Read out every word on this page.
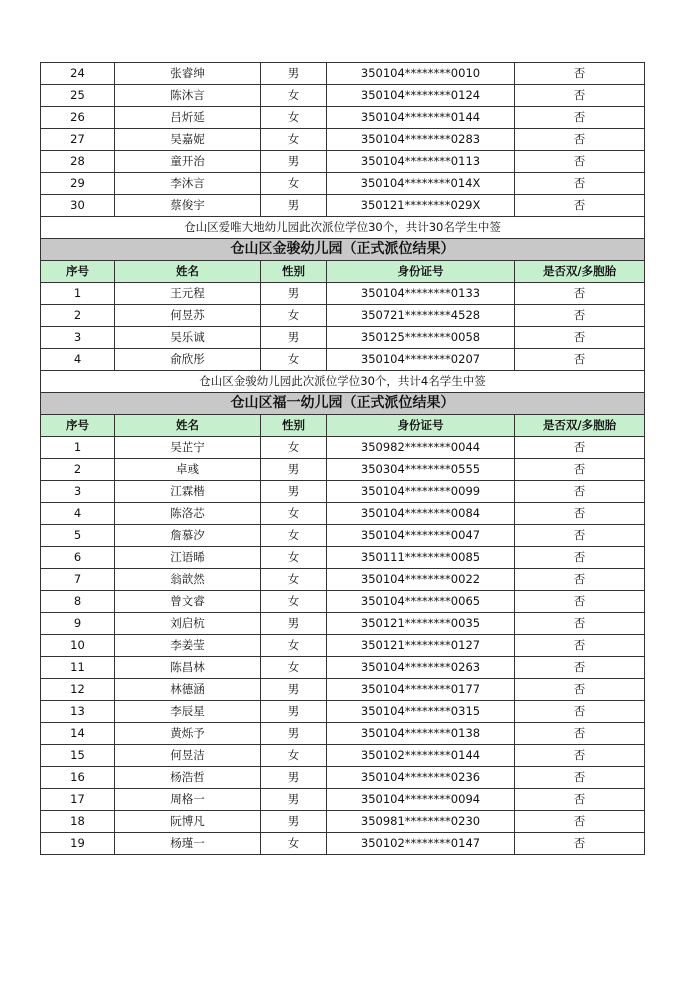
24	张睿绅	男	350104********0010	否
25	陈沐言	女	350104********0124	否
26	吕炘延	女	350104********0144	否
27	吴嘉妮	女	350104********0283	否
28	童开治	男	350104********0113	否
29	李沐言	女	350104********014X	否
30	蔡俊宇	男	350121********029X	否
仓山区爱唯大地幼儿园此次派位学位30个，共计30名学生中签				
仓山区金骏幼儿园（正式派位结果）				
序号	姓名	性别	身份证号	是否双/多胞胎
1	王元程	男	350104********0133	否
2	何昱苏	女	350721********4528	否
3	吴乐诚	男	350125********0058	否
4	俞欣彤	女	350104********0207	否
仓山区金骏幼儿园此次派位学位30个，共计4名学生中签				
仓山区福一幼儿园（正式派位结果）				
序号	姓名	性别	身份证号	是否双/多胞胎
1	吴芷宁	女	350982********0044	否
2	卓彧	男	350304********0555	否
3	江霖楷	男	350104********0099	否
4	陈洛芯	女	350104********0084	否
5	詹慕汐	女	350104********0047	否
6	江语晞	女	350111********0085	否
7	翁歆然	女	350104********0022	否
8	曾文睿	女	350104********0065	否
9	刘启杭	男	350121********0035	否
10	李姜莹	女	350121********0127	否
11	陈昌林	女	350104********0263	否
12	林德涵	男	350104********0177	否
13	李辰星	男	350104********0315	否
14	黄烁予	男	350104********0138	否
15	何昱洁	女	350102********0144	否
16	杨浩哲	男	350104********0236	否
17	周格一	男	350104********0094	否
18	阮博凡	男	350981********0230	否
19	杨瑾一	女	350102********0147	否
